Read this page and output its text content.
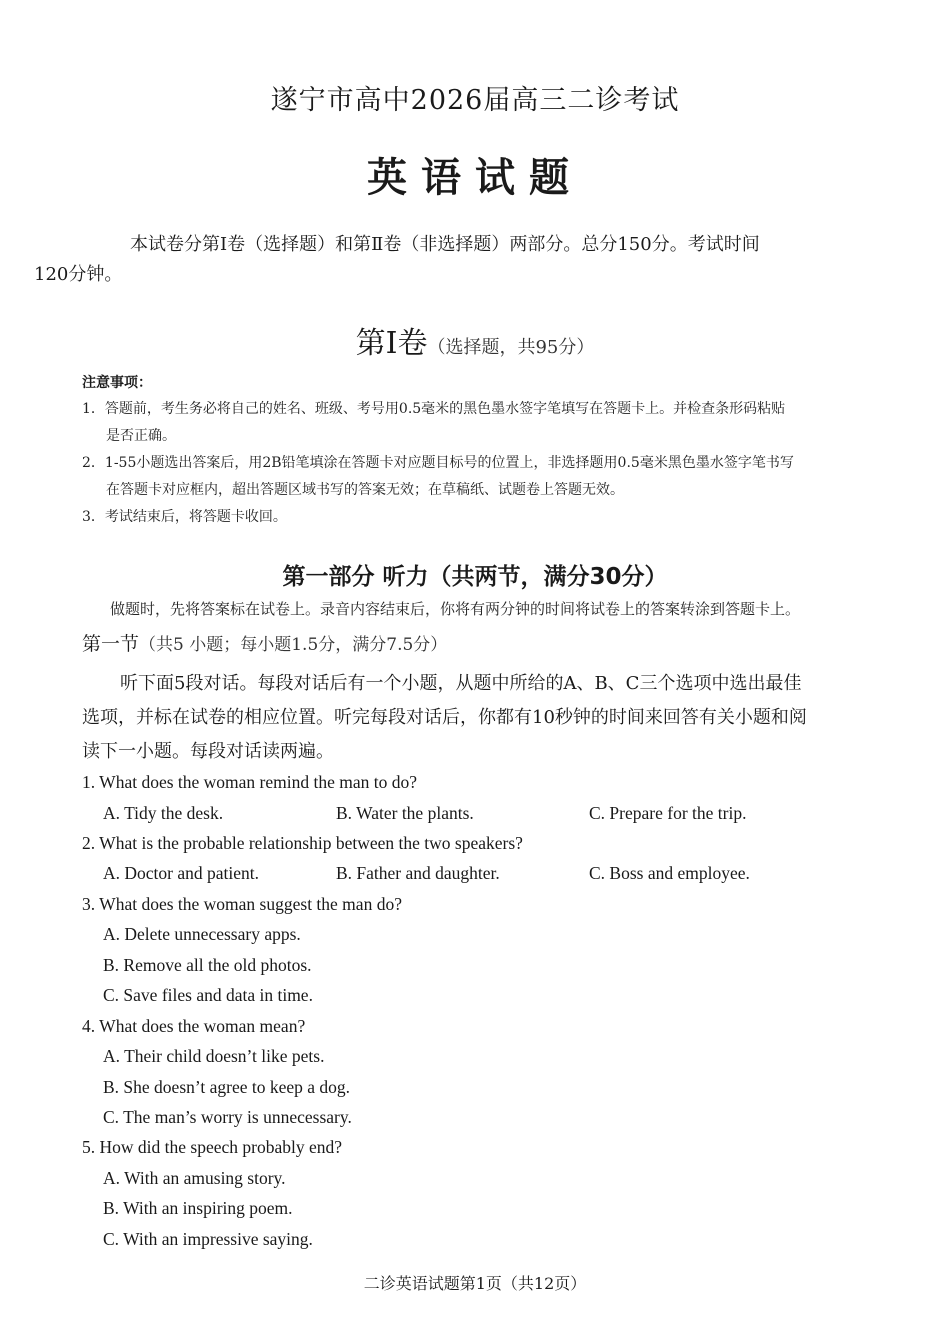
遂宁市高中2026届高三二诊考试
英语试题
本试卷分第Ⅰ卷（选择题）和第Ⅱ卷（非选择题）两部分。总分150分。考试时间
120分钟。
第Ⅰ卷（选择题，共95分）
注意事项：
1．答题前，考生务必将自己的姓名、班级、考号用0.5毫米的黑色墨水签字笔填写在答题卡上。并检查条形码粘贴
是否正确。
2．1-55小题选出答案后，用2B铅笔填涂在答题卡对应题目标号的位置上，非选择题用0.5毫米黑色墨水签字笔书写
在答题卡对应框内，超出答题区域书写的答案无效；在草稿纸、试题卷上答题无效。
3．考试结束后，将答题卡收回。
第一部分 听力（共两节，满分30分）
做题时，先将答案标在试卷上。录音内容结束后，你将有两分钟的时间将试卷上的答案转涂到答题卡上。
第一节（共5 小题；每小题1.5分，满分7.5分）
听下面5段对话。每段对话后有一个小题，从题中所给的A、B、C三个选项中选出最佳
选项，并标在试卷的相应位置。听完每段对话后，你都有10秒钟的时间来回答有关小题和阅
读下一小题。每段对话读两遍。
1. What does the woman remind the man to do?
A. Tidy the desk.	B. Water the plants.	C. Prepare for the trip.
2. What is the probable relationship between the two speakers?
A. Doctor and patient.	B. Father and daughter.	C. Boss and employee.
3. What does the woman suggest the man do?
A. Delete unnecessary apps.
B. Remove all the old photos.
C. Save files and data in time.
4. What does the woman mean?
A. Their child doesn’t like pets.
B. She doesn’t agree to keep a dog.
C. The man’s worry is unnecessary.
5. How did the speech probably end?
A. With an amusing story.
B. With an inspiring poem.
C. With an impressive saying.
二诊英语试题第1页（共12页）
